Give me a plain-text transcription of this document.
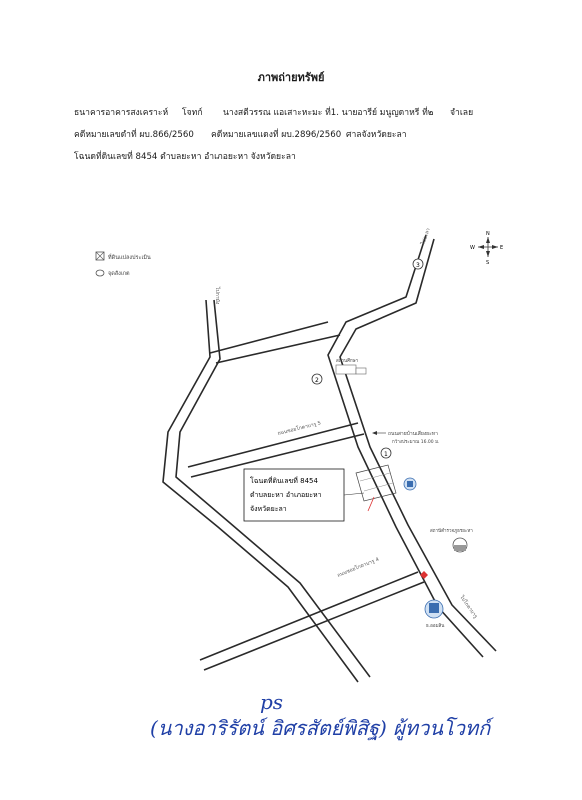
ภาพถ่ายทรัพย์
ธนาคารอาคารสงเคราะห์ โจทก์ นางสตีวรรณ แอเสาะหะมะ ที่1. นายอารีย์ มนูญดาหรี ที่๒ จำเลย
คดีหมายเลขดำที่ ผบ.866/2560 คดีหมายเลขแดงที่ ผบ.2896/2560 ศาลจังหวัดยะลา
โฉนดที่ดินเลขที่ 8454 ตำบลยะหา อำเภอยะหา จังหวัดยะลา
ที่ดินแปลงประเมิน
จุดสังเกต
N
S
E
W
1
2
3
ไปยะลา
ไปกาบัง
ถนนซอยโกตาบารู 5
ถนนซอยโกตาบารู 4
ไปโกตาบารู
ถนนสายบ้านเสียงยะหา
กว้างประมาณ 16.00 ม.
สถานศึกษา
สถานีตำรวจภูธรยะหา
ธ.ออมสิน
โฉนดที่ดินเลขที่ 8454
ตำบลยะหา อำเภอยะหา
จังหวัดยะลา
ps
(นางอาริรัตน์ อิศรสัตย์พิสิฐ) ผู้ทวนโวทก์
